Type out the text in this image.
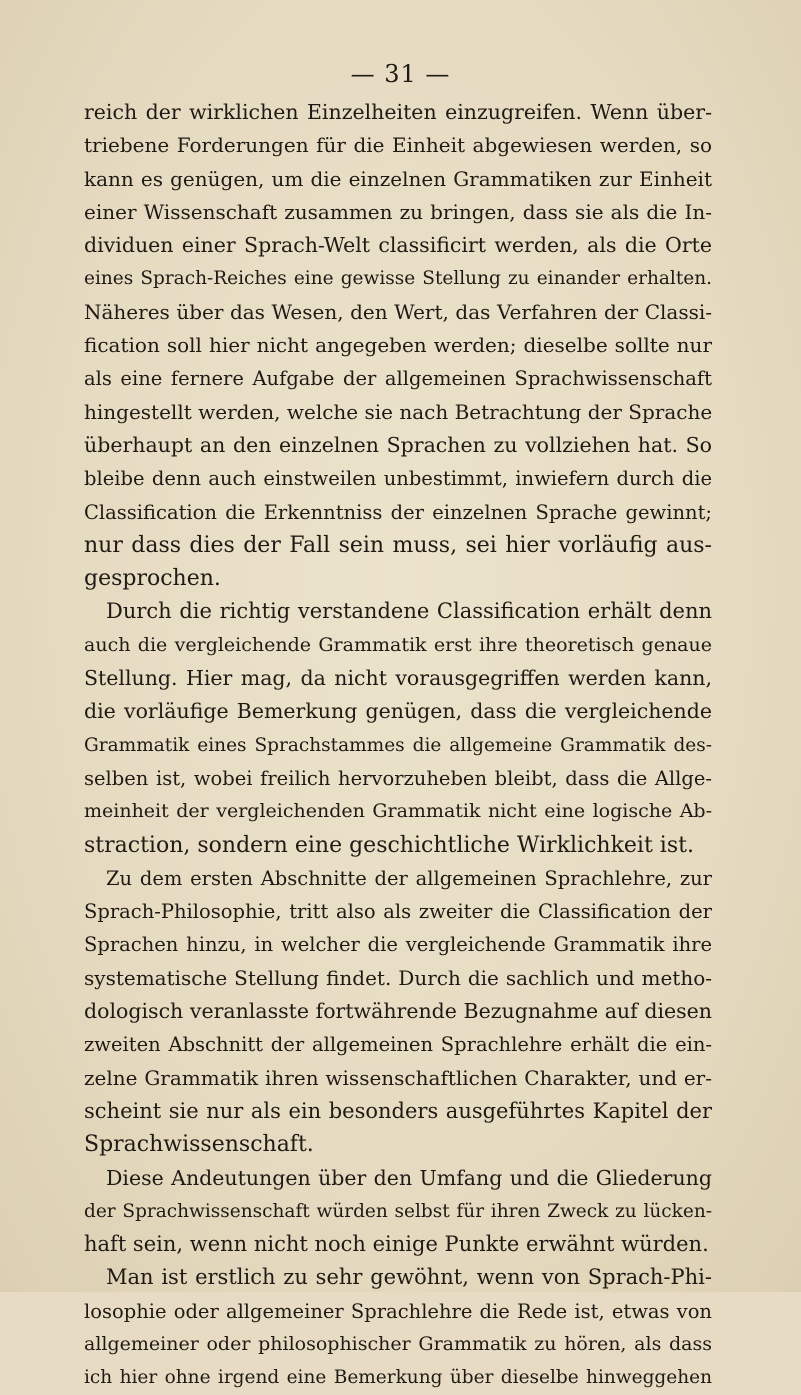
— 31 —
reich der wirklichen Einzelheiten einzugreifen. Wenn über-
triebene Forderungen für die Einheit abgewiesen werden, so
kann es genügen, um die einzelnen Grammatiken zur Einheit
einer Wissenschaft zusammen zu bringen, dass sie als die In-
dividuen einer Sprach-Welt classificirt werden, als die Orte
eines Sprach-Reiches eine gewisse Stellung zu einander erhalten.
Näheres über das Wesen, den Wert, das Verfahren der Classi-
fication soll hier nicht angegeben werden; dieselbe sollte nur
als eine fernere Aufgabe der allgemeinen Sprachwissenschaft
hingestellt werden, welche sie nach Betrachtung der Sprache
überhaupt an den einzelnen Sprachen zu vollziehen hat. So
bleibe denn auch einstweilen unbestimmt, inwiefern durch die
Classification die Erkenntniss der einzelnen Sprache gewinnt;
nur dass dies der Fall sein muss, sei hier vorläufig aus-
gesprochen.
Durch die richtig verstandene Classification erhält denn
auch die vergleichende Grammatik erst ihre theoretisch genaue
Stellung. Hier mag, da nicht vorausgegriffen werden kann,
die vorläufige Bemerkung genügen, dass die vergleichende
Grammatik eines Sprachstammes die allgemeine Grammatik des-
selben ist, wobei freilich hervorzuheben bleibt, dass die Allge-
meinheit der vergleichenden Grammatik nicht eine logische Ab-
straction, sondern eine geschichtliche Wirklichkeit ist.
Zu dem ersten Abschnitte der allgemeinen Sprachlehre, zur
Sprach-Philosophie, tritt also als zweiter die Classification der
Sprachen hinzu, in welcher die vergleichende Grammatik ihre
systematische Stellung findet. Durch die sachlich und metho-
dologisch veranlasste fortwährende Bezugnahme auf diesen
zweiten Abschnitt der allgemeinen Sprachlehre erhält die ein-
zelne Grammatik ihren wissenschaftlichen Charakter, und er-
scheint sie nur als ein besonders ausgeführtes Kapitel der
Sprachwissenschaft.
Diese Andeutungen über den Umfang und die Gliederung
der Sprachwissenschaft würden selbst für ihren Zweck zu lücken-
haft sein, wenn nicht noch einige Punkte erwähnt würden.
Man ist erstlich zu sehr gewöhnt, wenn von Sprach-Phi-
losophie oder allgemeiner Sprachlehre die Rede ist, etwas von
allgemeiner oder philosophischer Grammatik zu hören, als dass
ich hier ohne irgend eine Bemerkung über dieselbe hinweggehen
